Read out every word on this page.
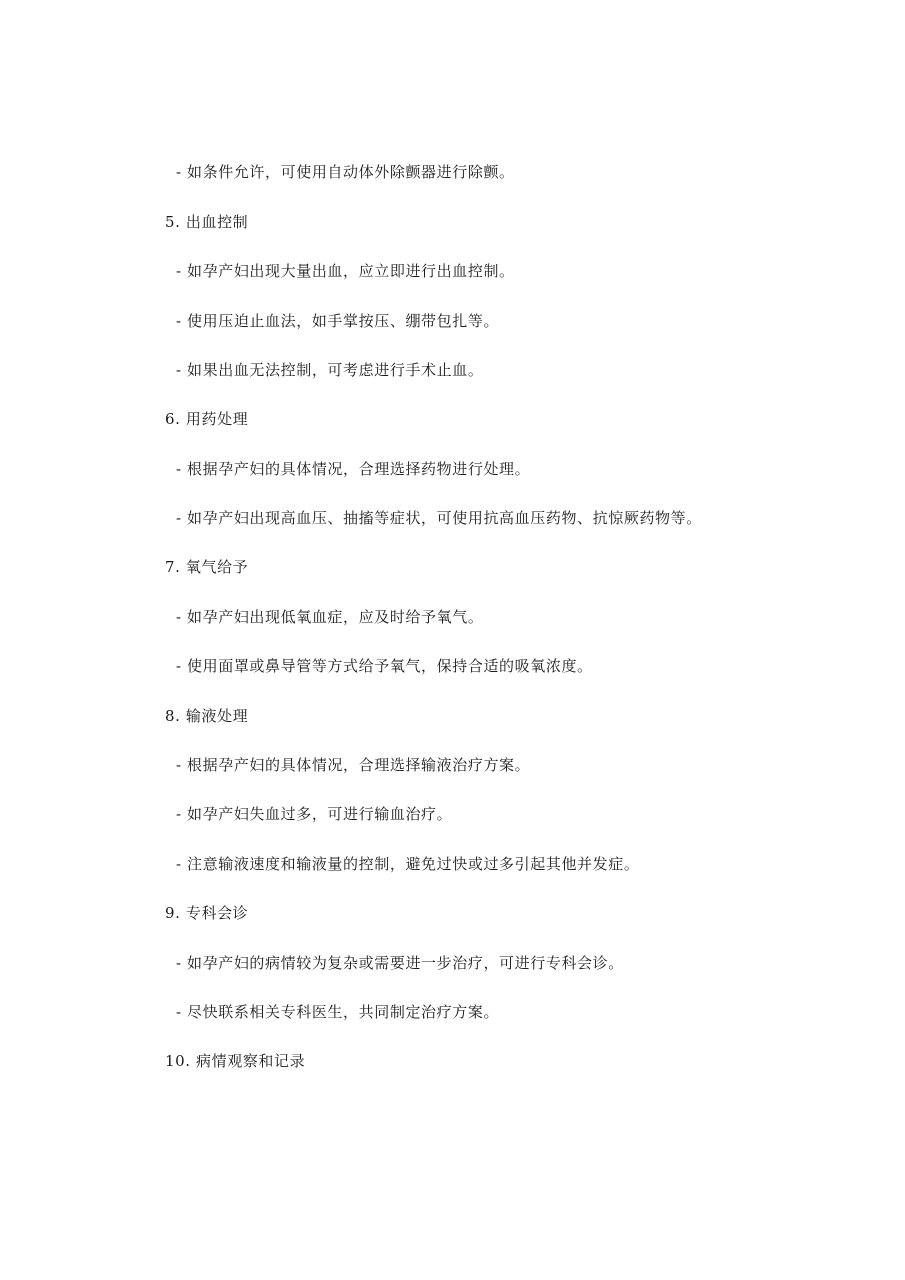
- 如条件允许，可使用自动体外除颤器进行除颤。
5. 出血控制
- 如孕产妇出现大量出血，应立即进行出血控制。
- 使用压迫止血法，如手掌按压、绷带包扎等。
- 如果出血无法控制，可考虑进行手术止血。
6. 用药处理
- 根据孕产妇的具体情况，合理选择药物进行处理。
- 如孕产妇出现高血压、抽搐等症状，可使用抗高血压药物、抗惊厥药物等。
7. 氧气给予
- 如孕产妇出现低氧血症，应及时给予氧气。
- 使用面罩或鼻导管等方式给予氧气，保持合适的吸氧浓度。
8. 输液处理
- 根据孕产妇的具体情况，合理选择输液治疗方案。
- 如孕产妇失血过多，可进行输血治疗。
- 注意输液速度和输液量的控制，避免过快或过多引起其他并发症。
9. 专科会诊
- 如孕产妇的病情较为复杂或需要进一步治疗，可进行专科会诊。
- 尽快联系相关专科医生，共同制定治疗方案。
10. 病情观察和记录
